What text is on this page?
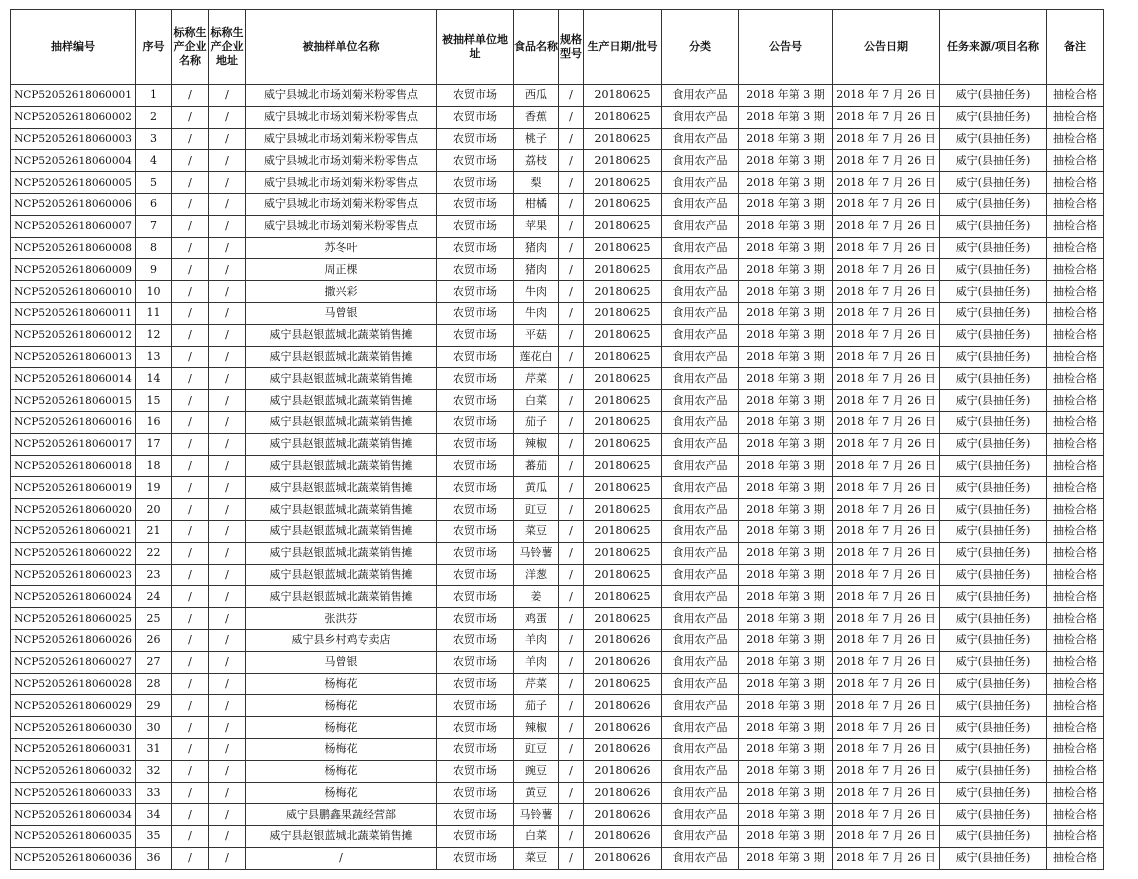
抽样编号	序号	标称生产企业名称	标称生产企业地址	被抽样单位名称	被抽样单位地址	食品名称	规格型号	生产日期/批号	分类	公告号	公告日期	任务来源/项目名称	备注
NCP52052618060001	1	/	/	威宁县城北市场刘菊米粉零售点	农贸市场	西瓜	/	20180625	食用农产品	2018 年第 3 期	2018 年 7 月 26 日	威宁(县抽任务)	抽检合格
NCP52052618060002	2	/	/	威宁县城北市场刘菊米粉零售点	农贸市场	香蕉	/	20180625	食用农产品	2018 年第 3 期	2018 年 7 月 26 日	威宁(县抽任务)	抽检合格
NCP52052618060003	3	/	/	威宁县城北市场刘菊米粉零售点	农贸市场	桃子	/	20180625	食用农产品	2018 年第 3 期	2018 年 7 月 26 日	威宁(县抽任务)	抽检合格
NCP52052618060004	4	/	/	威宁县城北市场刘菊米粉零售点	农贸市场	荔枝	/	20180625	食用农产品	2018 年第 3 期	2018 年 7 月 26 日	威宁(县抽任务)	抽检合格
NCP52052618060005	5	/	/	威宁县城北市场刘菊米粉零售点	农贸市场	梨	/	20180625	食用农产品	2018 年第 3 期	2018 年 7 月 26 日	威宁(县抽任务)	抽检合格
NCP52052618060006	6	/	/	威宁县城北市场刘菊米粉零售点	农贸市场	柑橘	/	20180625	食用农产品	2018 年第 3 期	2018 年 7 月 26 日	威宁(县抽任务)	抽检合格
NCP52052618060007	7	/	/	威宁县城北市场刘菊米粉零售点	农贸市场	苹果	/	20180625	食用农产品	2018 年第 3 期	2018 年 7 月 26 日	威宁(县抽任务)	抽检合格
NCP52052618060008	8	/	/	苏冬叶	农贸市场	猪肉	/	20180625	食用农产品	2018 年第 3 期	2018 年 7 月 26 日	威宁(县抽任务)	抽检合格
NCP52052618060009	9	/	/	周正棵	农贸市场	猪肉	/	20180625	食用农产品	2018 年第 3 期	2018 年 7 月 26 日	威宁(县抽任务)	抽检合格
NCP52052618060010	10	/	/	撒兴彩	农贸市场	牛肉	/	20180625	食用农产品	2018 年第 3 期	2018 年 7 月 26 日	威宁(县抽任务)	抽检合格
NCP52052618060011	11	/	/	马曾银	农贸市场	牛肉	/	20180625	食用农产品	2018 年第 3 期	2018 年 7 月 26 日	威宁(县抽任务)	抽检合格
NCP52052618060012	12	/	/	威宁县赵银蓝城北蔬菜销售摊	农贸市场	平菇	/	20180625	食用农产品	2018 年第 3 期	2018 年 7 月 26 日	威宁(县抽任务)	抽检合格
NCP52052618060013	13	/	/	威宁县赵银蓝城北蔬菜销售摊	农贸市场	莲花白	/	20180625	食用农产品	2018 年第 3 期	2018 年 7 月 26 日	威宁(县抽任务)	抽检合格
NCP52052618060014	14	/	/	威宁县赵银蓝城北蔬菜销售摊	农贸市场	芹菜	/	20180625	食用农产品	2018 年第 3 期	2018 年 7 月 26 日	威宁(县抽任务)	抽检合格
NCP52052618060015	15	/	/	威宁县赵银蓝城北蔬菜销售摊	农贸市场	白菜	/	20180625	食用农产品	2018 年第 3 期	2018 年 7 月 26 日	威宁(县抽任务)	抽检合格
NCP52052618060016	16	/	/	威宁县赵银蓝城北蔬菜销售摊	农贸市场	茄子	/	20180625	食用农产品	2018 年第 3 期	2018 年 7 月 26 日	威宁(县抽任务)	抽检合格
NCP52052618060017	17	/	/	威宁县赵银蓝城北蔬菜销售摊	农贸市场	辣椒	/	20180625	食用农产品	2018 年第 3 期	2018 年 7 月 26 日	威宁(县抽任务)	抽检合格
NCP52052618060018	18	/	/	威宁县赵银蓝城北蔬菜销售摊	农贸市场	蕃茄	/	20180625	食用农产品	2018 年第 3 期	2018 年 7 月 26 日	威宁(县抽任务)	抽检合格
NCP52052618060019	19	/	/	威宁县赵银蓝城北蔬菜销售摊	农贸市场	黄瓜	/	20180625	食用农产品	2018 年第 3 期	2018 年 7 月 26 日	威宁(县抽任务)	抽检合格
NCP52052618060020	20	/	/	威宁县赵银蓝城北蔬菜销售摊	农贸市场	豇豆	/	20180625	食用农产品	2018 年第 3 期	2018 年 7 月 26 日	威宁(县抽任务)	抽检合格
NCP52052618060021	21	/	/	威宁县赵银蓝城北蔬菜销售摊	农贸市场	菜豆	/	20180625	食用农产品	2018 年第 3 期	2018 年 7 月 26 日	威宁(县抽任务)	抽检合格
NCP52052618060022	22	/	/	威宁县赵银蓝城北蔬菜销售摊	农贸市场	马铃薯	/	20180625	食用农产品	2018 年第 3 期	2018 年 7 月 26 日	威宁(县抽任务)	抽检合格
NCP52052618060023	23	/	/	威宁县赵银蓝城北蔬菜销售摊	农贸市场	洋葱	/	20180625	食用农产品	2018 年第 3 期	2018 年 7 月 26 日	威宁(县抽任务)	抽检合格
NCP52052618060024	24	/	/	威宁县赵银蓝城北蔬菜销售摊	农贸市场	姜	/	20180625	食用农产品	2018 年第 3 期	2018 年 7 月 26 日	威宁(县抽任务)	抽检合格
NCP52052618060025	25	/	/	张洪芬	农贸市场	鸡蛋	/	20180625	食用农产品	2018 年第 3 期	2018 年 7 月 26 日	威宁(县抽任务)	抽检合格
NCP52052618060026	26	/	/	威宁县乡村鸡专卖店	农贸市场	羊肉	/	20180626	食用农产品	2018 年第 3 期	2018 年 7 月 26 日	威宁(县抽任务)	抽检合格
NCP52052618060027	27	/	/	马曾银	农贸市场	羊肉	/	20180626	食用农产品	2018 年第 3 期	2018 年 7 月 26 日	威宁(县抽任务)	抽检合格
NCP52052618060028	28	/	/	杨梅花	农贸市场	芹菜	/	20180625	食用农产品	2018 年第 3 期	2018 年 7 月 26 日	威宁(县抽任务)	抽检合格
NCP52052618060029	29	/	/	杨梅花	农贸市场	茄子	/	20180626	食用农产品	2018 年第 3 期	2018 年 7 月 26 日	威宁(县抽任务)	抽检合格
NCP52052618060030	30	/	/	杨梅花	农贸市场	辣椒	/	20180626	食用农产品	2018 年第 3 期	2018 年 7 月 26 日	威宁(县抽任务)	抽检合格
NCP52052618060031	31	/	/	杨梅花	农贸市场	豇豆	/	20180626	食用农产品	2018 年第 3 期	2018 年 7 月 26 日	威宁(县抽任务)	抽检合格
NCP52052618060032	32	/	/	杨梅花	农贸市场	豌豆	/	20180626	食用农产品	2018 年第 3 期	2018 年 7 月 26 日	威宁(县抽任务)	抽检合格
NCP52052618060033	33	/	/	杨梅花	农贸市场	黄豆	/	20180626	食用农产品	2018 年第 3 期	2018 年 7 月 26 日	威宁(县抽任务)	抽检合格
NCP52052618060034	34	/	/	威宁县鹏鑫果蔬经营部	农贸市场	马铃薯	/	20180626	食用农产品	2018 年第 3 期	2018 年 7 月 26 日	威宁(县抽任务)	抽检合格
NCP52052618060035	35	/	/	威宁县赵银蓝城北蔬菜销售摊	农贸市场	白菜	/	20180626	食用农产品	2018 年第 3 期	2018 年 7 月 26 日	威宁(县抽任务)	抽检合格
NCP52052618060036	36	/	/	/	农贸市场	菜豆	/	20180626	食用农产品	2018 年第 3 期	2018 年 7 月 26 日	威宁(县抽任务)	抽检合格
